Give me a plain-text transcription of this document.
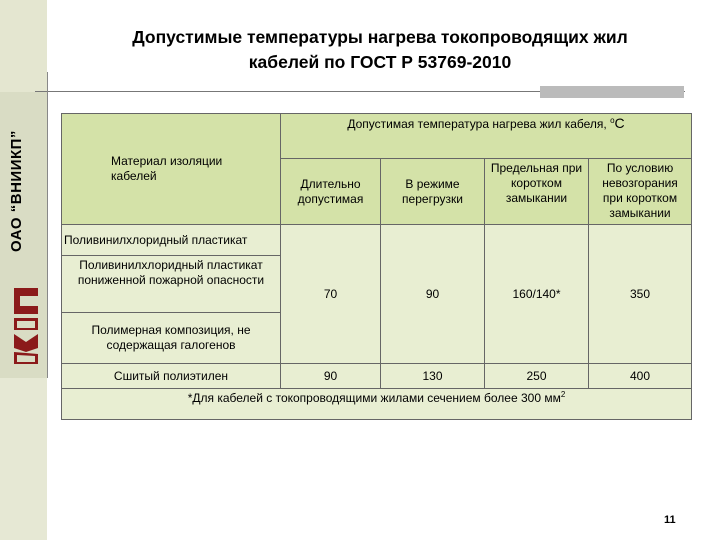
ОАО “ВНИИКП”
Допустимые температуры нагрева токопроводящих жил
кабелей по ГОСТ Р 53769-2010
Материал изоляции кабелей	Допустимая температура нагрева жил кабеля, $^о$С			
	Длительно допустимая	В режиме перегрузки	Предельная при коротком замыкании	По условию невозгорания при коротком замыкании
Поливинилхлоридный пластикат	70	90	160/140*	350
Поливинилхлоридный пластикат пониженной пожарной опасности				
Полимерная композиция, не содержащая галогенов				
Сшитый полиэтилен	90	130	250	400
*Для кабелей с токопроводящими жилами сечением более 300 $мм^2$
11
